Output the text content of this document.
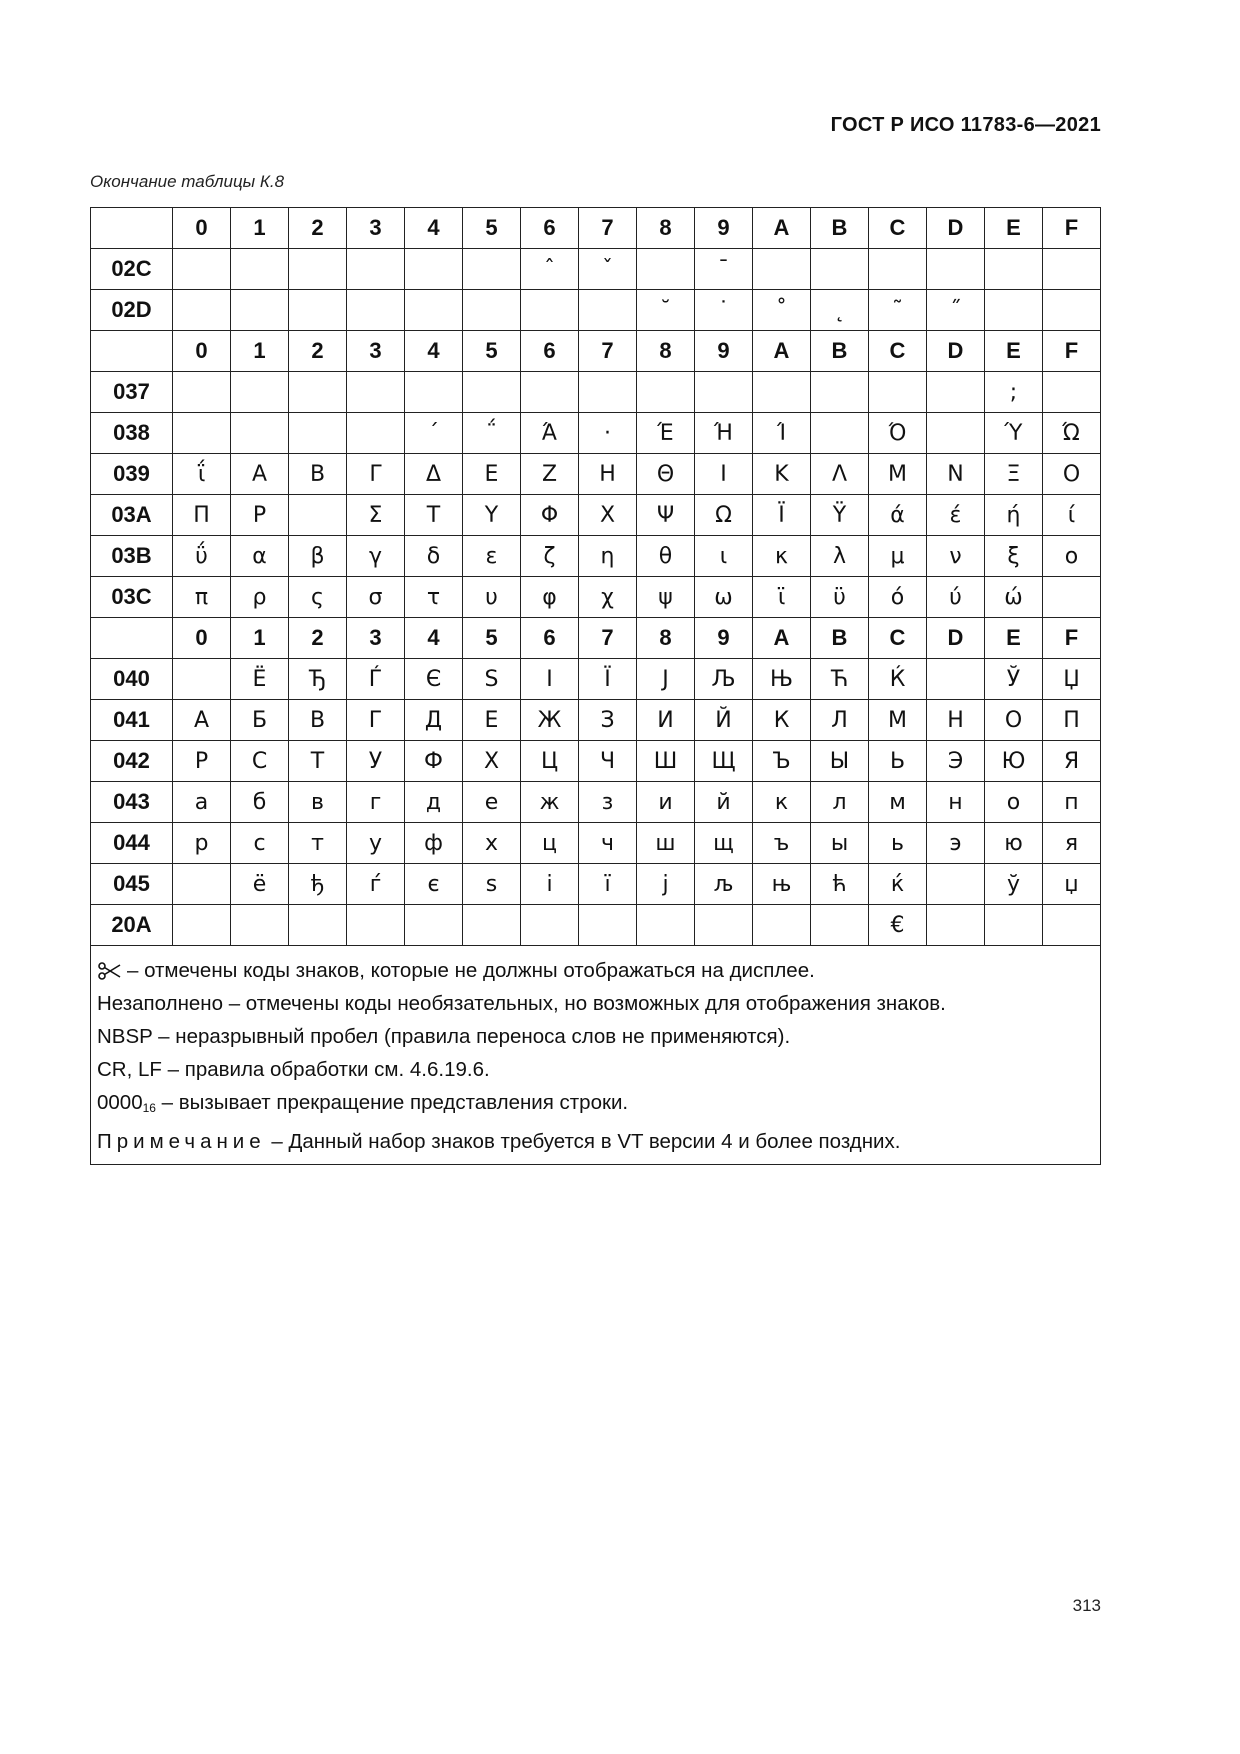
ГОСТ Р ИСО 11783-6—2021
Окончание таблицы К.8
	0	1	2	3	4	5	6	7	8	9	A	B	C	D	E	F
02C							ˆ	ˇ		ˉ						
02D									˘	˙	˚	˛	˜	˝		
	0	1	2	3	4	5	6	7	8	9	A	B	C	D	E	F
037															;	
038					΄	΅	Ά	·	Έ	Ή	Ί		Ό		Ύ	Ώ
039	ΐ	Α	Β	Γ	Δ	Ε	Ζ	Η	Θ	Ι	Κ	Λ	Μ	Ν	Ξ	Ο
03A	Π	Ρ		Σ	Τ	Υ	Φ	Χ	Ψ	Ω	Ϊ	Ϋ	ά	έ	ή	ί
03B	ΰ	α	β	γ	δ	ε	ζ	η	θ	ι	κ	λ	μ	ν	ξ	ο
03C	π	ρ	ς	σ	τ	υ	φ	χ	ψ	ω	ϊ	ϋ	ό	ύ	ώ	
	0	1	2	3	4	5	6	7	8	9	A	B	C	D	E	F
040		Ё	Ђ	Ѓ	Є	Ѕ	І	Ї	Ј	Љ	Њ	Ћ	Ќ		Ў	Џ
041	А	Б	В	Г	Д	Е	Ж	З	И	Й	К	Л	М	Н	О	П
042	Р	С	Т	У	Ф	Х	Ц	Ч	Ш	Щ	Ъ	Ы	Ь	Э	Ю	Я
043	а	б	в	г	д	е	ж	з	и	й	к	л	м	н	о	п
044	р	с	т	у	ф	х	ц	ч	ш	щ	ъ	ы	ь	э	ю	я
045		ё	ђ	ѓ	є	ѕ	і	ї	ј	љ	њ	ћ	ќ		ў	џ
20A													€			
– отмечены коды знаков, которые не должны отображаться на дисплее.
Незаполнено – отмечены коды необязательных, но возможных для отображения знаков.
NBSP – неразрывный пробел (правила переноса слов не применяются).
CR, LF – правила обработки см. 4.6.19.6.
$0000_{16}$ – вызывает прекращение представления строки.
Примечание – Данный набор знаков требуется в VT версии 4 и более поздних.
313
